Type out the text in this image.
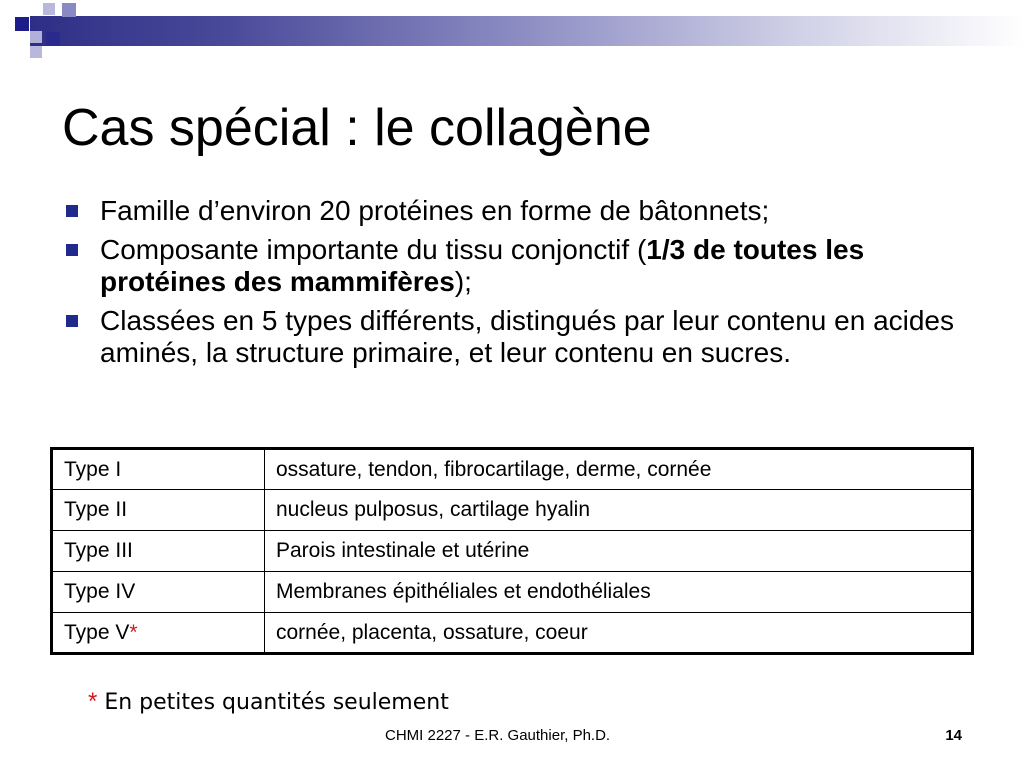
Cas spécial : le collagène
Famille d’environ 20 protéines en forme de bâtonnets;
Composante importante du tissu conjonctif (1/3 de toutes les protéines des mammifères);
Classées en 5 types différents, distingués par leur contenu en acides aminés, la structure primaire, et leur contenu en sucres.
Type I	ossature, tendon, fibrocartilage, derme, cornée
Type II	nucleus pulposus, cartilage hyalin
Type III	Parois intestinale et utérine
Type IV	Membranes épithéliales et endothéliales
Type V*	cornée, placenta, ossature, coeur
* En petites quantités seulement
CHMI 2227 - E.R. Gauthier, Ph.D.	14
